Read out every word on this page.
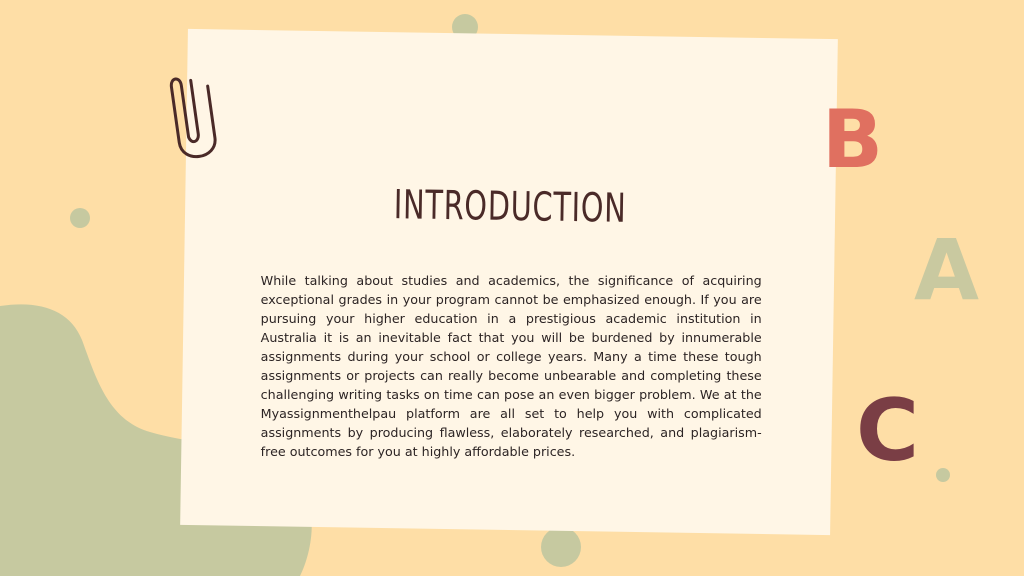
INTRODUCTION

While talking about studies and academics, the significance of acquiring exceptional grades in your program cannot be emphasized enough. If you are pursuing your higher education in a prestigious academic institution in Australia it is an inevitable fact that you will be burdened by innumerable assignments during your school or college years. Many a time these tough assignments or projects can really become unbearable and completing these challenging writing tasks on time can pose an even bigger problem. We at the Myassignmenthelpau platform are all set to help you with complicated assignments by producing flawless, elaborately researched, and plagiarism-free outcomes for you at highly affordable prices.

B
A
C
